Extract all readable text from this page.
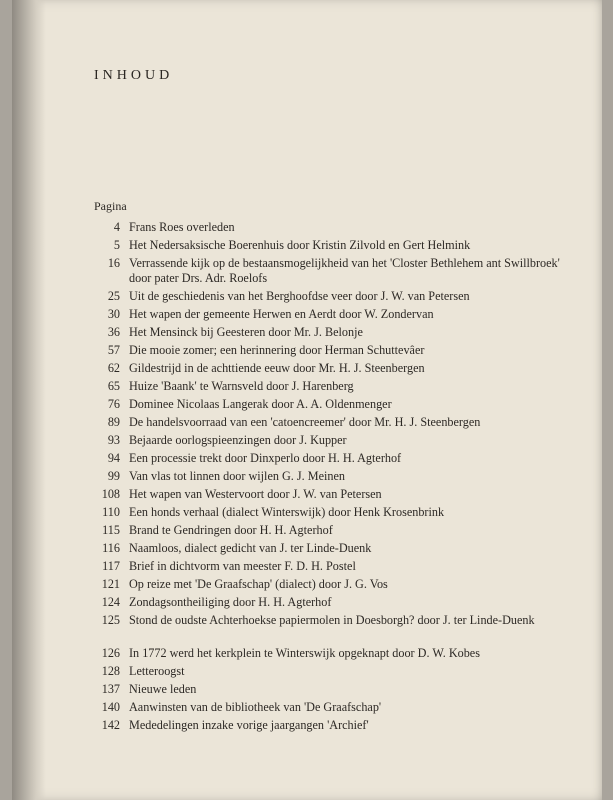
INHOUD
Pagina
4 Frans Roes overleden
5 Het Nedersaksische Boerenhuis door Kristin Zilvold en Gert Helmink
16 Verrassende kijk op de bestaansmogelijkheid van het 'Closter Bethlehem ant Swillbroek' door pater Drs. Adr. Roelofs
25 Uit de geschiedenis van het Berghoofdse veer door J. W. van Petersen
30 Het wapen der gemeente Herwen en Aerdt door W. Zondervan
36 Het Mensinck bij Geesteren door Mr. J. Belonje
57 Die mooie zomer; een herinnering door Herman Schuttevâer
62 Gildestrijd in de achttiende eeuw door Mr. H. J. Steenbergen
65 Huize 'Baank' te Warnsveld door J. Harenberg
76 Dominee Nicolaas Langerak door A. A. Oldenmenger
89 De handelsvoorraad van een 'catoencreemer' door Mr. H. J. Steenbergen
93 Bejaarde oorlogspieenzingen door J. Kupper
94 Een processie trekt door Dinxperlo door H. H. Agterhof
99 Van vlas tot linnen door wijlen G. J. Meinen
108 Het wapen van Westervoort door J. W. van Petersen
110 Een honds verhaal (dialect Winterswijk) door Henk Krosenbrink
115 Brand te Gendringen door H. H. Agterhof
116 Naamloos, dialect gedicht van J. ter Linde-Duenk
117 Brief in dichtvorm van meester F. D. H. Postel
121 Op reize met 'De Graafschap' (dialect) door J. G. Vos
124 Zondagsontheiliging door H. H. Agterhof
125 Stond de oudste Achterhoekse papiermolen in Doesborgh? door J. ter Linde-Duenk
126 In 1772 werd het kerkplein te Winterswijk opgeknapt door D. W. Kobes
128 Letteroogst
137 Nieuwe leden
140 Aanwinsten van de bibliotheek van 'De Graafschap'
142 Mededelingen inzake vorige jaargangen 'Archief'
